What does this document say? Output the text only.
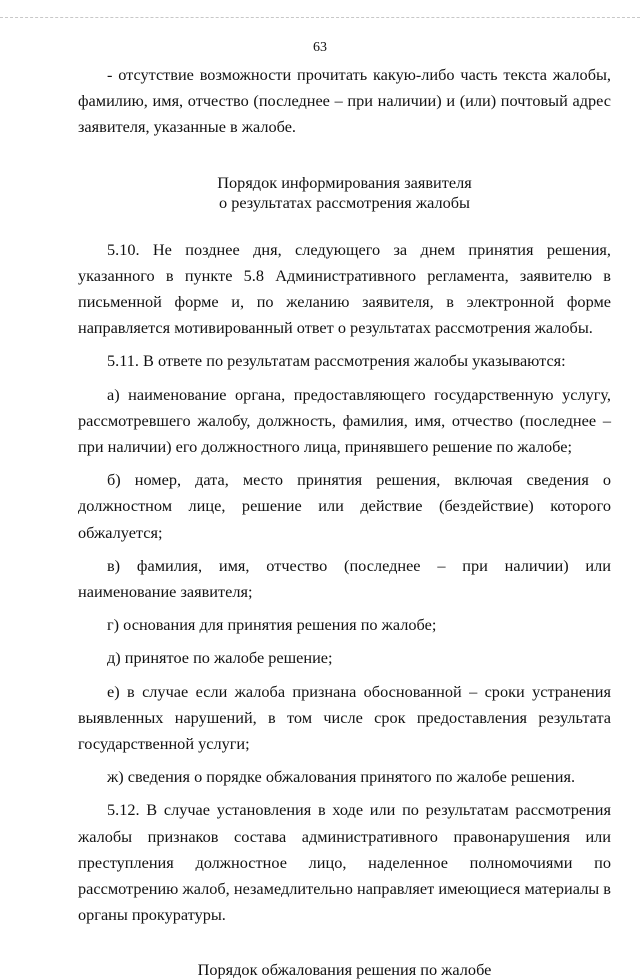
63

- отсутствие возможности прочитать какую-либо часть текста жалобы, фамилию, имя, отчество (последнее – при наличии) и (или) почтовый адрес заявителя, указанные в жалобе.

Порядок информирования заявителя
о результатах рассмотрения жалобы

5.10. Не позднее дня, следующего за днем принятия решения, указанного в пункте 5.8 Административного регламента, заявителю в письменной форме и, по желанию заявителя, в электронной форме направляется мотивированный ответ о результатах рассмотрения жалобы.

5.11. В ответе по результатам рассмотрения жалобы указываются:

а) наименование органа, предоставляющего государственную услугу, рассмотревшего жалобу, должность, фамилия, имя, отчество (последнее – при наличии) его должностного лица, принявшего решение по жалобе;

б) номер, дата, место принятия решения, включая сведения о должностном лице, решение или действие (бездействие) которого обжалуется;

в) фамилия, имя, отчество (последнее – при наличии) или наименование заявителя;

г) основания для принятия решения по жалобе;

д) принятое по жалобе решение;

е) в случае если жалоба признана обоснованной – сроки устранения выявленных нарушений, в том числе срок предоставления результата государственной услуги;

ж) сведения о порядке обжалования принятого по жалобе решения.

5.12. В случае установления в ходе или по результатам рассмотрения жалобы признаков состава административного правонарушения или преступления должностное лицо, наделенное полномочиями по рассмотрению жалоб, незамедлительно направляет имеющиеся материалы в органы прокуратуры.

Порядок обжалования решения по жалобе
